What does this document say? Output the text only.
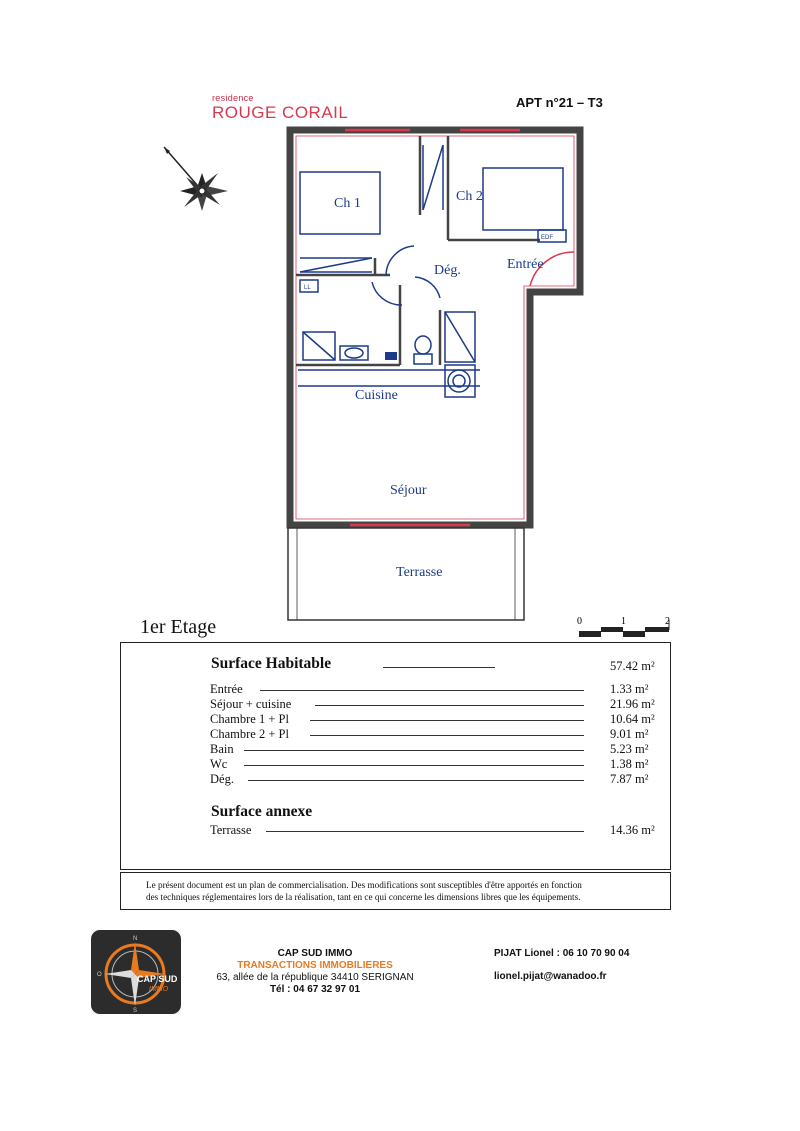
residence
ROUGE CORAIL
APT n°21 – T3
Ch 1	Ch 2
Entrée
Dég.
Cuisine
Séjour
Terrasse
EDF
LL
1er Etage	0	1	2
Surface Habitable	57.42 m²
Entrée	1.33 m²
Séjour + cuisine	21.96 m²
Chambre 1 + Pl	10.64 m²
Chambre 2 + Pl	9.01 m²
Bain	5.23 m²
Wc	1.38 m²
Dég.	7.87 m²
Surface annexe
Terrasse	14.36 m²
Le présent document est un plan de commercialisation. Des modifications sont susceptibles d'être apportés en fonction
des techniques réglementaires lors de la réalisation, tant en ce qui concerne les dimensions libres que les équipements.
N
O
S
CAP SUD
IMMO
CAP SUD IMMO
TRANSACTIONS IMMOBILIERES
63, allée de la république 34410 SERIGNAN
Tél : 04 67 32 97 01
PIJAT Lionel : 06 10 70 90 04
lionel.pijat@wanadoo.fr
